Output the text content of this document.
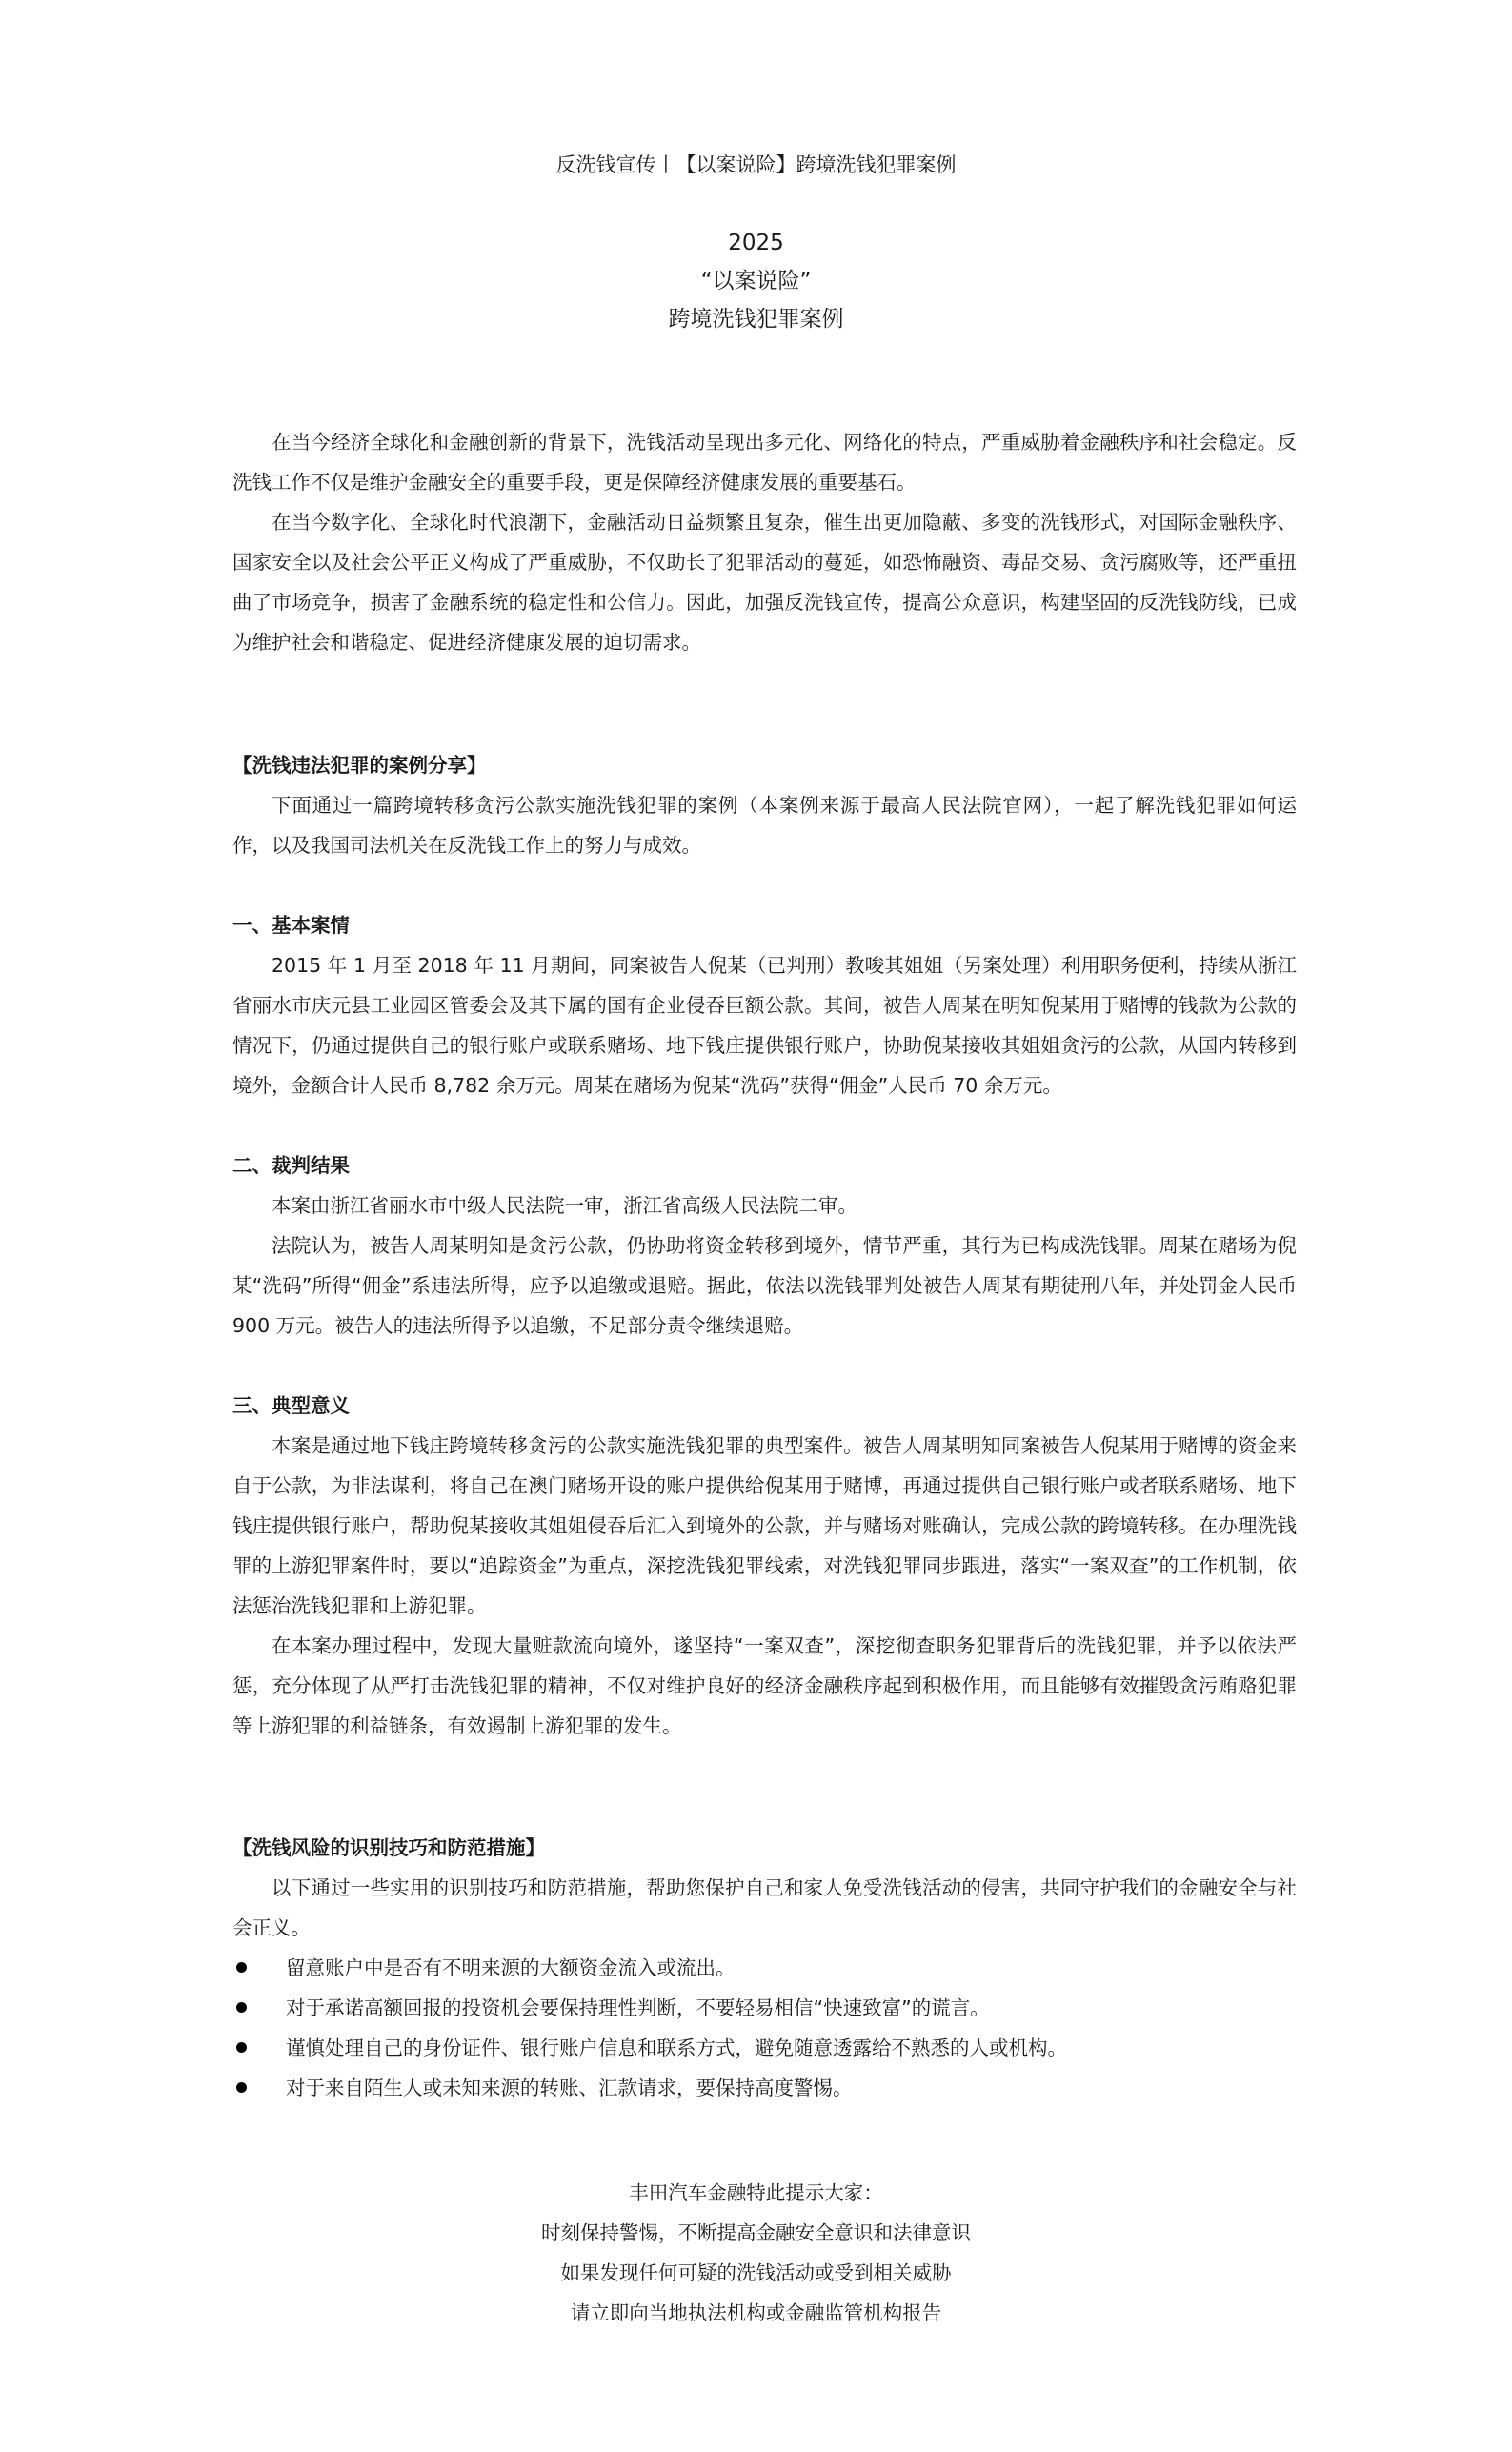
反洗钱宣传丨【以案说险】跨境洗钱犯罪案例
2025
“以案说险”
跨境洗钱犯罪案例

在当今经济全球化和金融创新的背景下，洗钱活动呈现出多元化、网络化的特点，严重威胁着金融秩序和社会稳定。反洗钱工作不仅是维护金融安全的重要手段，更是保障经济健康发展的重要基石。

在当今数字化、全球化时代浪潮下，金融活动日益频繁且复杂，催生出更加隐蔽、多变的洗钱形式，对国际金融秩序、国家安全以及社会公平正义构成了严重威胁，不仅助长了犯罪活动的蔓延，如恐怖融资、毒品交易、贪污腐败等，还严重扭曲了市场竞争，损害了金融系统的稳定性和公信力。因此，加强反洗钱宣传，提高公众意识，构建坚固的反洗钱防线，已成为维护社会和谐稳定、促进经济健康发展的迫切需求。

【洗钱违法犯罪的案例分享】

下面通过一篇跨境转移贪污公款实施洗钱犯罪的案例（本案例来源于最高人民法院官网），一起了解洗钱犯罪如何运作，以及我国司法机关在反洗钱工作上的努力与成效。

一、基本案情

2015 年 1 月至 2018 年 11 月期间，同案被告人倪某（已判刑）教唆其姐姐（另案处理）利用职务便利，持续从浙江省丽水市庆元县工业园区管委会及其下属的国有企业侵吞巨额公款。其间，被告人周某在明知倪某用于赌博的钱款为公款的情况下，仍通过提供自己的银行账户或联系赌场、地下钱庄提供银行账户，协助倪某接收其姐姐贪污的公款，从国内转移到境外，金额合计人民币 8,782 余万元。周某在赌场为倪某“洗码”获得“佣金”人民币 70 余万元。

二、裁判结果

本案由浙江省丽水市中级人民法院一审，浙江省高级人民法院二审。

法院认为，被告人周某明知是贪污公款，仍协助将资金转移到境外，情节严重，其行为已构成洗钱罪。周某在赌场为倪某“洗码”所得“佣金”系违法所得，应予以追缴或退赔。据此，依法以洗钱罪判处被告人周某有期徒刑八年，并处罚金人民币 900 万元。被告人的违法所得予以追缴，不足部分责令继续退赔。

三、典型意义

本案是通过地下钱庄跨境转移贪污的公款实施洗钱犯罪的典型案件。被告人周某明知同案被告人倪某用于赌博的资金来自于公款，为非法谋利，将自己在澳门赌场开设的账户提供给倪某用于赌博，再通过提供自己银行账户或者联系赌场、地下钱庄提供银行账户，帮助倪某接收其姐姐侵吞后汇入到境外的公款，并与赌场对账确认，完成公款的跨境转移。在办理洗钱罪的上游犯罪案件时，要以“追踪资金”为重点，深挖洗钱犯罪线索，对洗钱犯罪同步跟进，落实“一案双查”的工作机制，依法惩治洗钱犯罪和上游犯罪。

在本案办理过程中，发现大量赃款流向境外，遂坚持“一案双查”，深挖彻查职务犯罪背后的洗钱犯罪，并予以依法严惩，充分体现了从严打击洗钱犯罪的精神，不仅对维护良好的经济金融秩序起到积极作用，而且能够有效摧毁贪污贿赂犯罪等上游犯罪的利益链条，有效遏制上游犯罪的发生。

【洗钱风险的识别技巧和防范措施】

以下通过一些实用的识别技巧和防范措施，帮助您保护自己和家人免受洗钱活动的侵害，共同守护我们的金融安全与社会正义。

留意账户中是否有不明来源的大额资金流入或流出。
对于承诺高额回报的投资机会要保持理性判断，不要轻易相信“快速致富”的谎言。
谨慎处理自己的身份证件、银行账户信息和联系方式，避免随意透露给不熟悉的人或机构。
对于来自陌生人或未知来源的转账、汇款请求，要保持高度警惕。
丰田汽车金融特此提示大家：
时刻保持警惕，不断提高金融安全意识和法律意识
如果发现任何可疑的洗钱活动或受到相关威胁
请立即向当地执法机构或金融监管机构报告
